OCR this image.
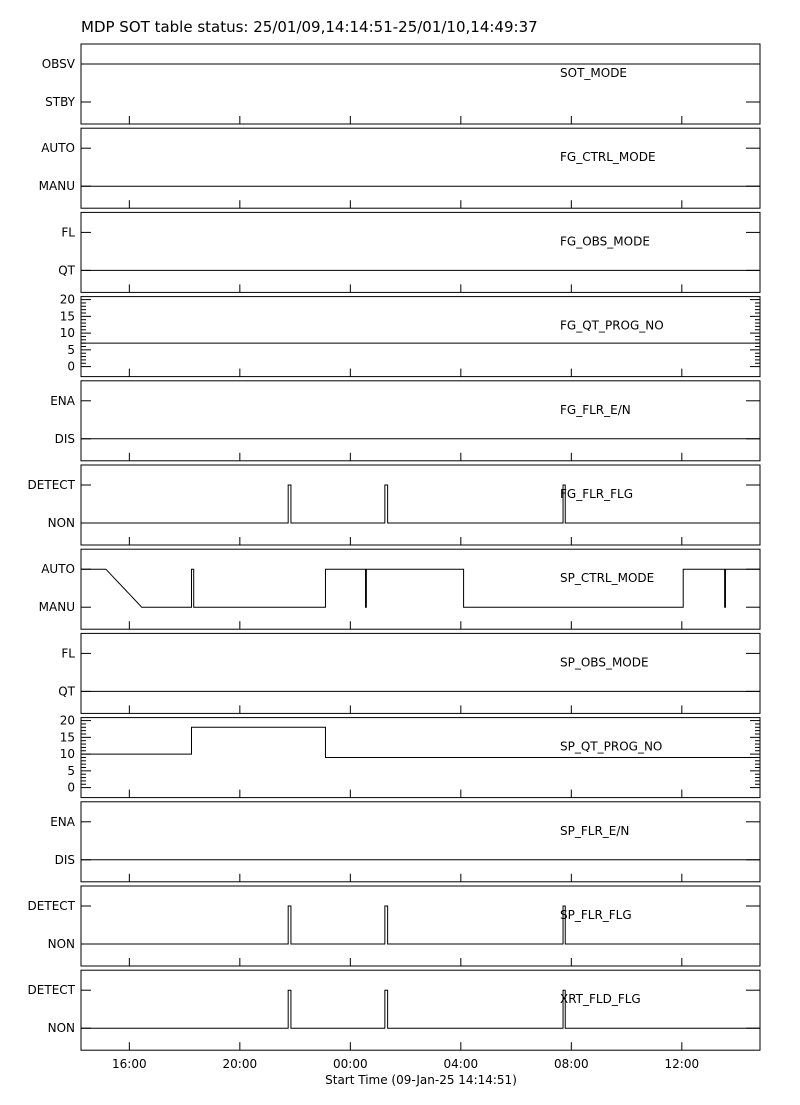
MDP SOT table status: 25/01/09,14:14:51-25/01/10,14:49:37
OBSV
STBY
SOT_MODE
AUTO
MANU
FG_CTRL_MODE
FL
QT
FG_OBS_MODE
0
5
10
15
20
FG_QT_PROG_NO
ENA
DIS
FG_FLR_E/N
DETECT
NON
FG_FLR_FLG
AUTO
MANU
SP_CTRL_MODE
FL
QT
SP_OBS_MODE
0
5
10
15
20
SP_QT_PROG_NO
ENA
DIS
SP_FLR_E/N
DETECT
NON
SP_FLR_FLG
DETECT
NON
XRT_FLD_FLG
16:00	20:00	00:00	04:00	08:00	12:00
Start Time (09-Jan-25 14:14:51)
